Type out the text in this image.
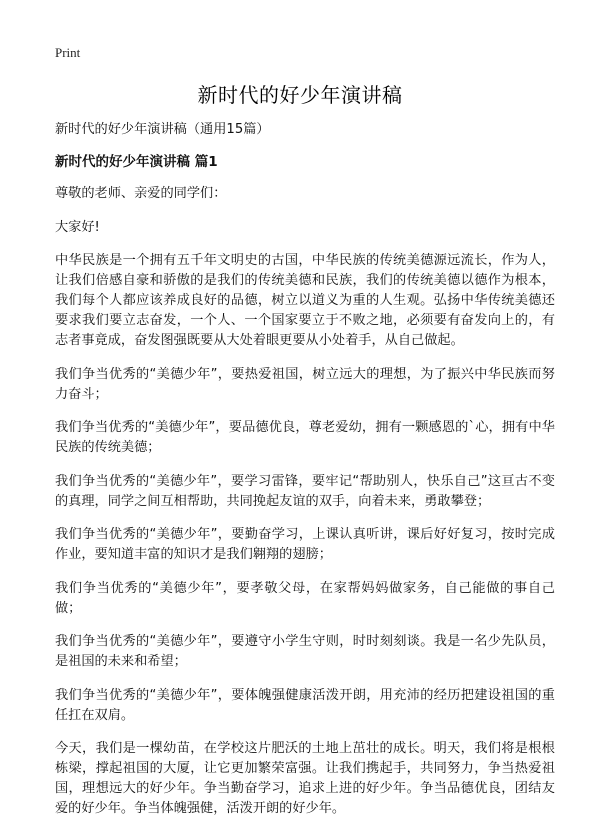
Print
新时代的好少年演讲稿

新时代的好少年演讲稿（通用15篇）

新时代的好少年演讲稿 篇1

尊敬的老师、亲爱的同学们：

大家好!

中华民族是一个拥有五千年文明史的古国，中华民族的传统美德源远流长，作为人，让我们倍感自豪和骄傲的是我们的传统美德和民族，我们的传统美德以德作为根本，我们每个人都应该养成良好的品德，树立以道义为重的人生观。弘扬中华传统美德还要求我们要立志奋发，一个人、一个国家要立于不败之地，必须要有奋发向上的，有志者事竟成，奋发图强既要从大处着眼更要从小处着手，从自己做起。

我们争当优秀的“美德少年”，要热爱祖国，树立远大的理想，为了振兴中华民族而努力奋斗；

我们争当优秀的“美德少年”，要品德优良，尊老爱幼，拥有一颗感恩的`心，拥有中华民族的传统美德；

我们争当优秀的“美德少年”，要学习雷锋，要牢记“帮助别人，快乐自己”这亘古不变的真理，同学之间互相帮助，共同挽起友谊的双手，向着未来，勇敢攀登；

我们争当优秀的“美德少年”，要勤奋学习，上课认真听讲，课后好好复习，按时完成作业，要知道丰富的知识才是我们翱翔的翅膀；

我们争当优秀的“美德少年”，要孝敬父母，在家帮妈妈做家务，自己能做的事自己做；

我们争当优秀的“美德少年”，要遵守小学生守则，时时刻刻谈。我是一名少先队员，是祖国的未来和希望；

我们争当优秀的“美德少年”，要体魄强健康活泼开朗，用充沛的经历把建设祖国的重任扛在双肩。

今天，我们是一棵幼苗，在学校这片肥沃的土地上茁壮的成长。明天，我们将是根根栋梁，撑起祖国的大厦，让它更加繁荣富强。让我们携起手，共同努力，争当热爱祖国，理想远大的好少年。争当勤奋学习，追求上进的好少年。争当品德优良，团结友爱的好少年。争当体魄强健，活泼开朗的好少年。
